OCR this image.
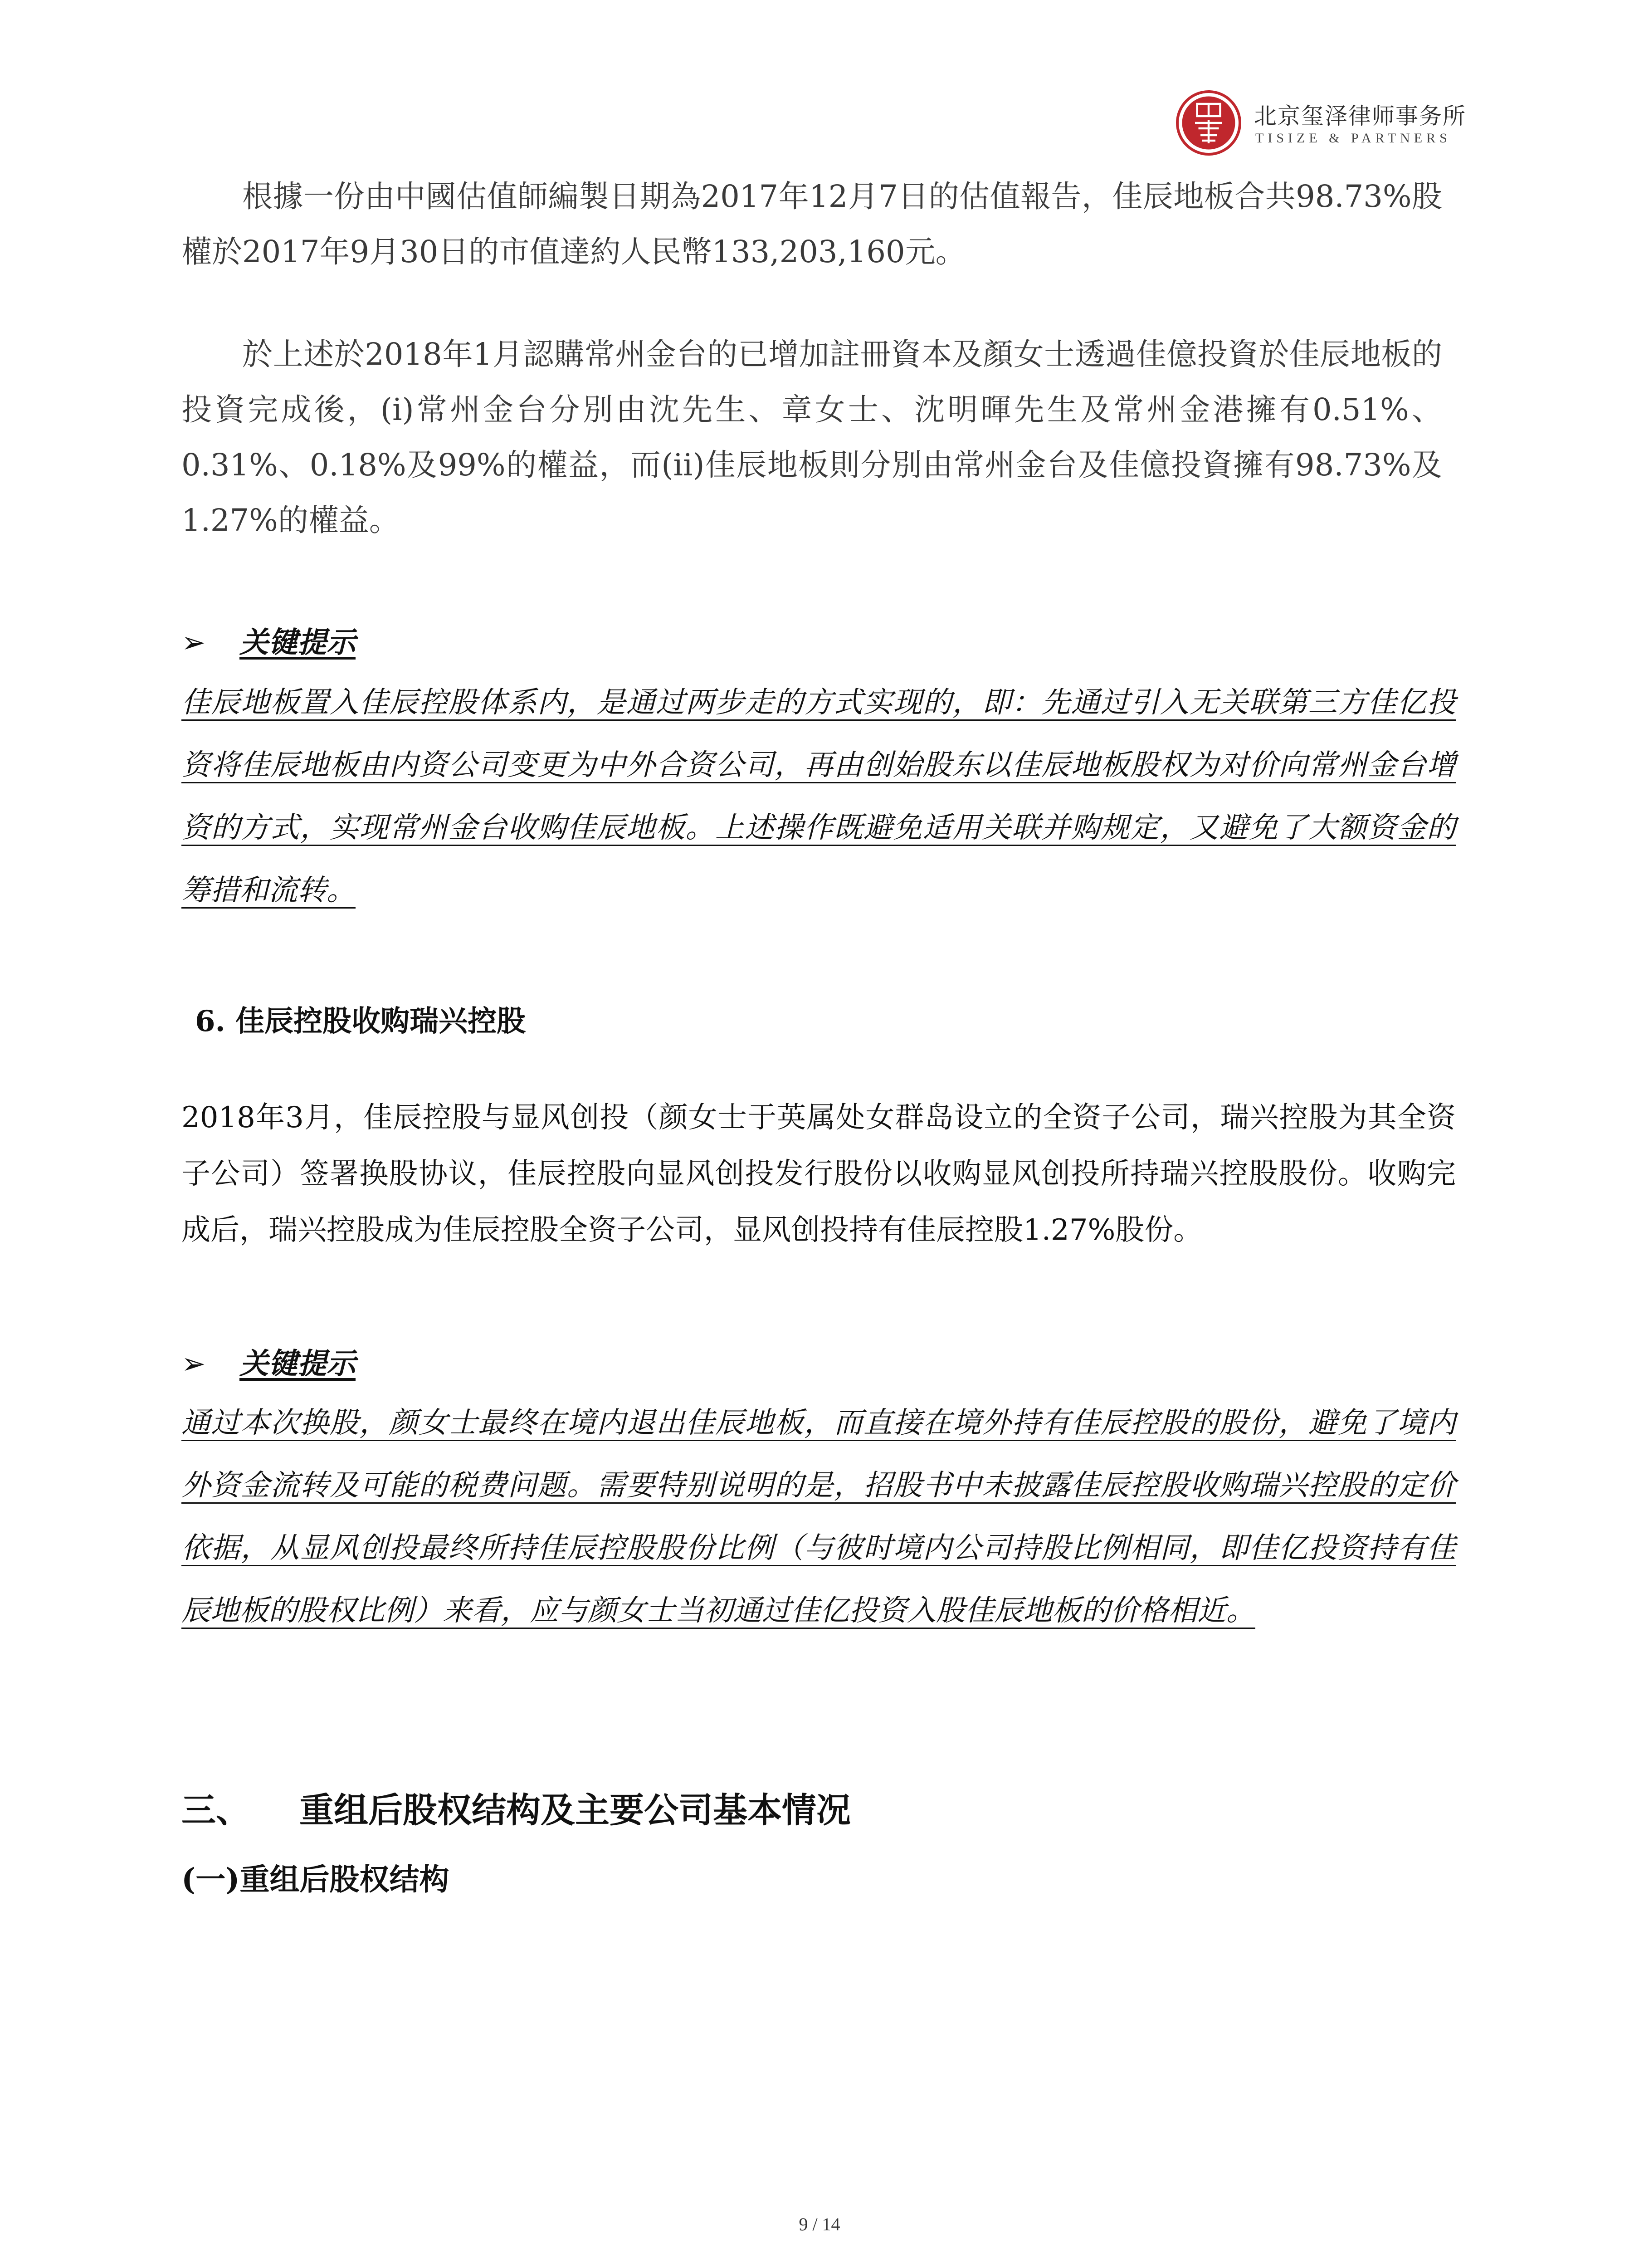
北京玺泽律师事务所
TISIZE & PARTNERS

根據一份由中國估值師編製日期為2017年12月7日的估值報告，佳辰地板合共98.73%股權於2017年9月30日的市值達約人民幣133,203,160元。

於上述於2018年1月認購常州金台的已增加註冊資本及顏女士透過佳億投資於佳辰地板的投資完成後，(i)常州金台分別由沈先生、章女士、沈明暉先生及常州金港擁有0.51%、0.31%、0.18%及99%的權益，而(ii)佳辰地板則分別由常州金台及佳億投資擁有98.73%及1.27%的權益。

➢ 关键提示

佳辰地板置入佳辰控股体系内，是通过两步走的方式实现的，即：先通过引入无关联第三方佳亿投资将佳辰地板由内资公司变更为中外合资公司，再由创始股东以佳辰地板股权为对价向常州金台增资的方式，实现常州金台收购佳辰地板。上述操作既避免适用关联并购规定，又避免了大额资金的筹措和流转。

6. 佳辰控股收购瑞兴控股

2018年3月，佳辰控股与显风创投（颜女士于英属处女群岛设立的全资子公司，瑞兴控股为其全资子公司）签署换股协议，佳辰控股向显风创投发行股份以收购显风创投所持瑞兴控股股份。收购完成后，瑞兴控股成为佳辰控股全资子公司，显风创投持有佳辰控股1.27%股份。

➢ 关键提示

通过本次换股，颜女士最终在境内退出佳辰地板，而直接在境外持有佳辰控股的股份，避免了境内外资金流转及可能的税费问题。需要特别说明的是，招股书中未披露佳辰控股收购瑞兴控股的定价依据，从显风创投最终所持佳辰控股股份比例（与彼时境内公司持股比例相同，即佳亿投资持有佳辰地板的股权比例）来看，应与颜女士当初通过佳亿投资入股佳辰地板的价格相近。

三、 重组后股权结构及主要公司基本情况
(一)重组后股权结构
9 / 14
